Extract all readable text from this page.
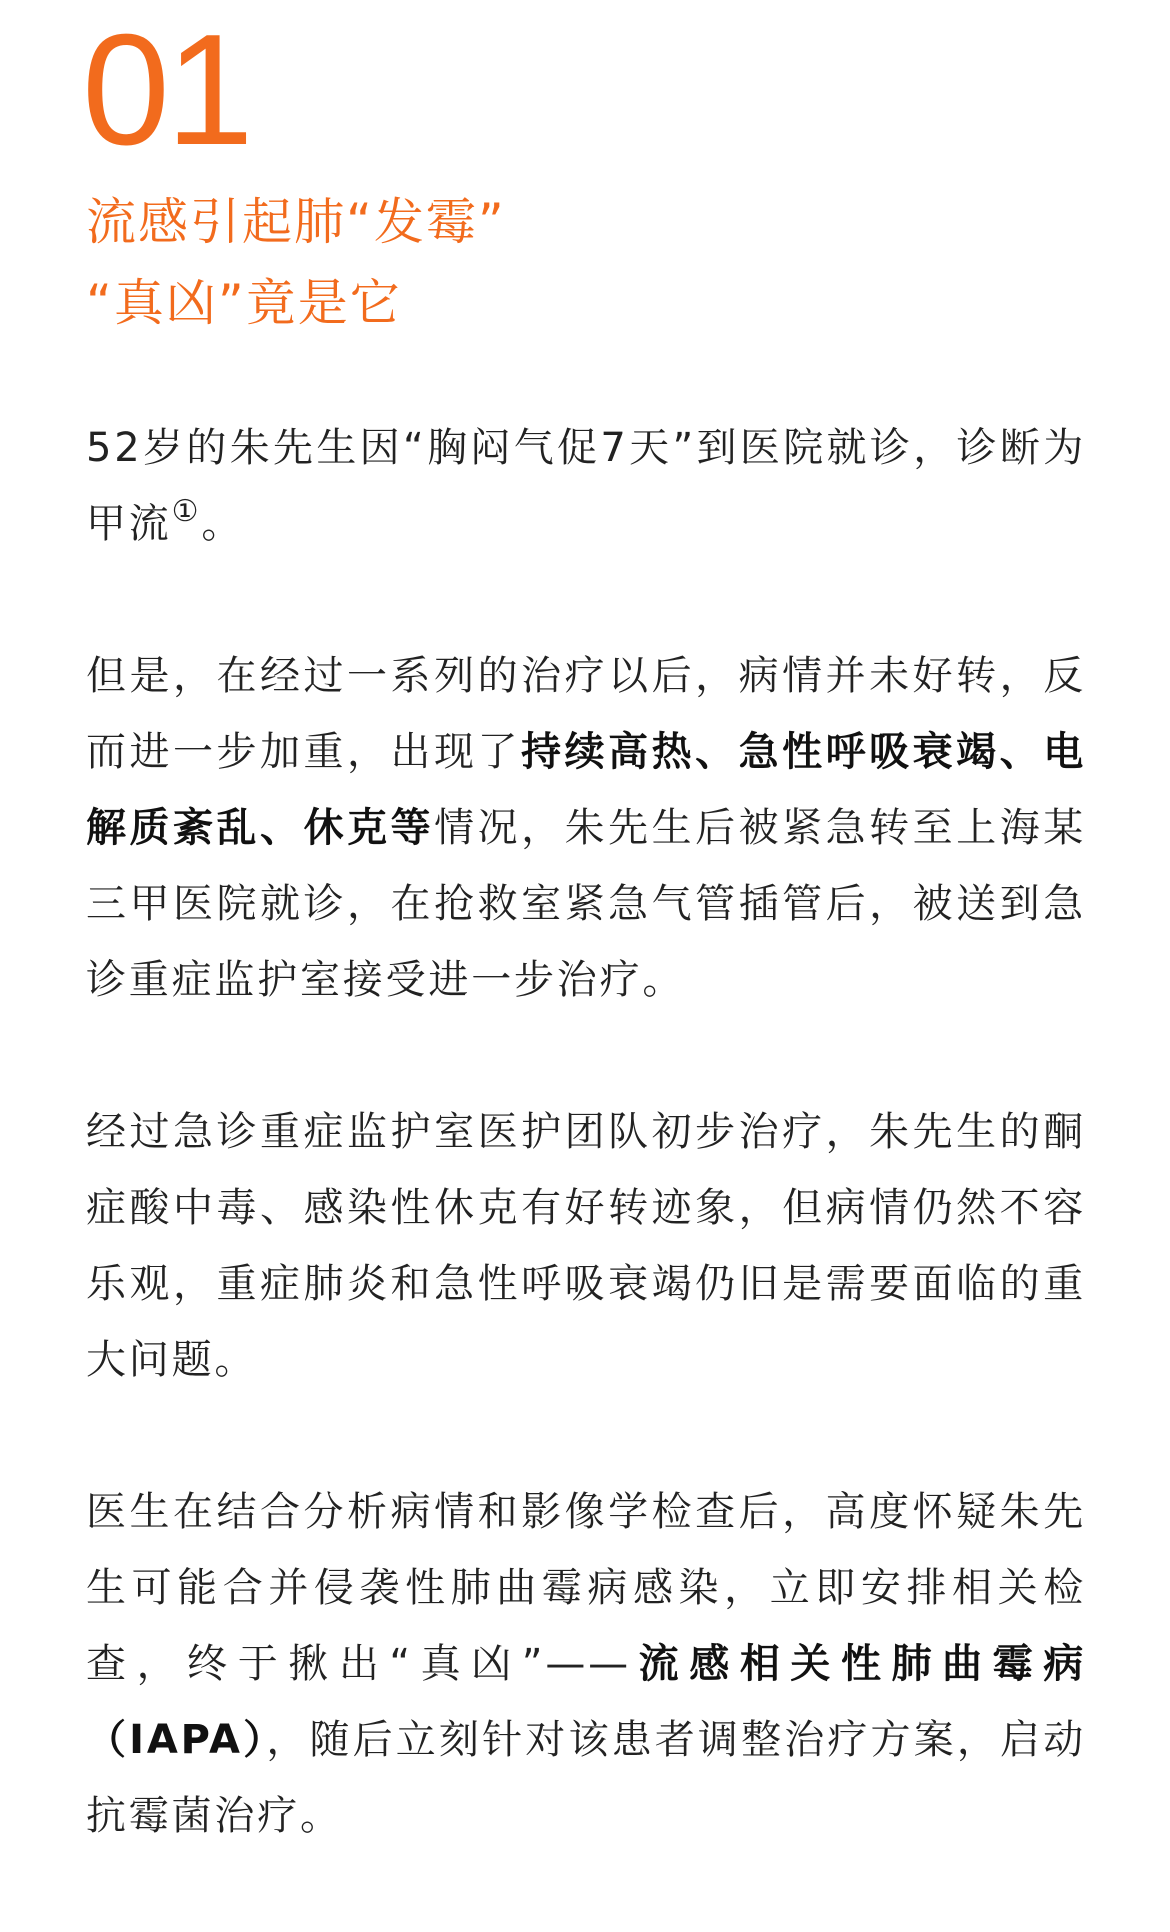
01
流感引起肺“发霉”
“真凶”竟是它

52岁的朱先生因“胸闷气促7天”到医院就诊，诊断为甲流①。

但是，在经过一系列的治疗以后，病情并未好转，反而进一步加重，出现了持续高热、急性呼吸衰竭、电解质紊乱、休克等情况，朱先生后被紧急转至上海某三甲医院就诊，在抢救室紧急气管插管后，被送到急诊重症监护室接受进一步治疗。

经过急诊重症监护室医护团队初步治疗，朱先生的酮症酸中毒、感染性休克有好转迹象，但病情仍然不容乐观，重症肺炎和急性呼吸衰竭仍旧是需要面临的重大问题。

医生在结合分析病情和影像学检查后，高度怀疑朱先生可能合并侵袭性肺曲霉病感染，立即安排相关检查，终于揪出“真凶”——流感相关性肺曲霉病（IAPA），随后立刻针对该患者调整治疗方案，启动抗霉菌治疗。
